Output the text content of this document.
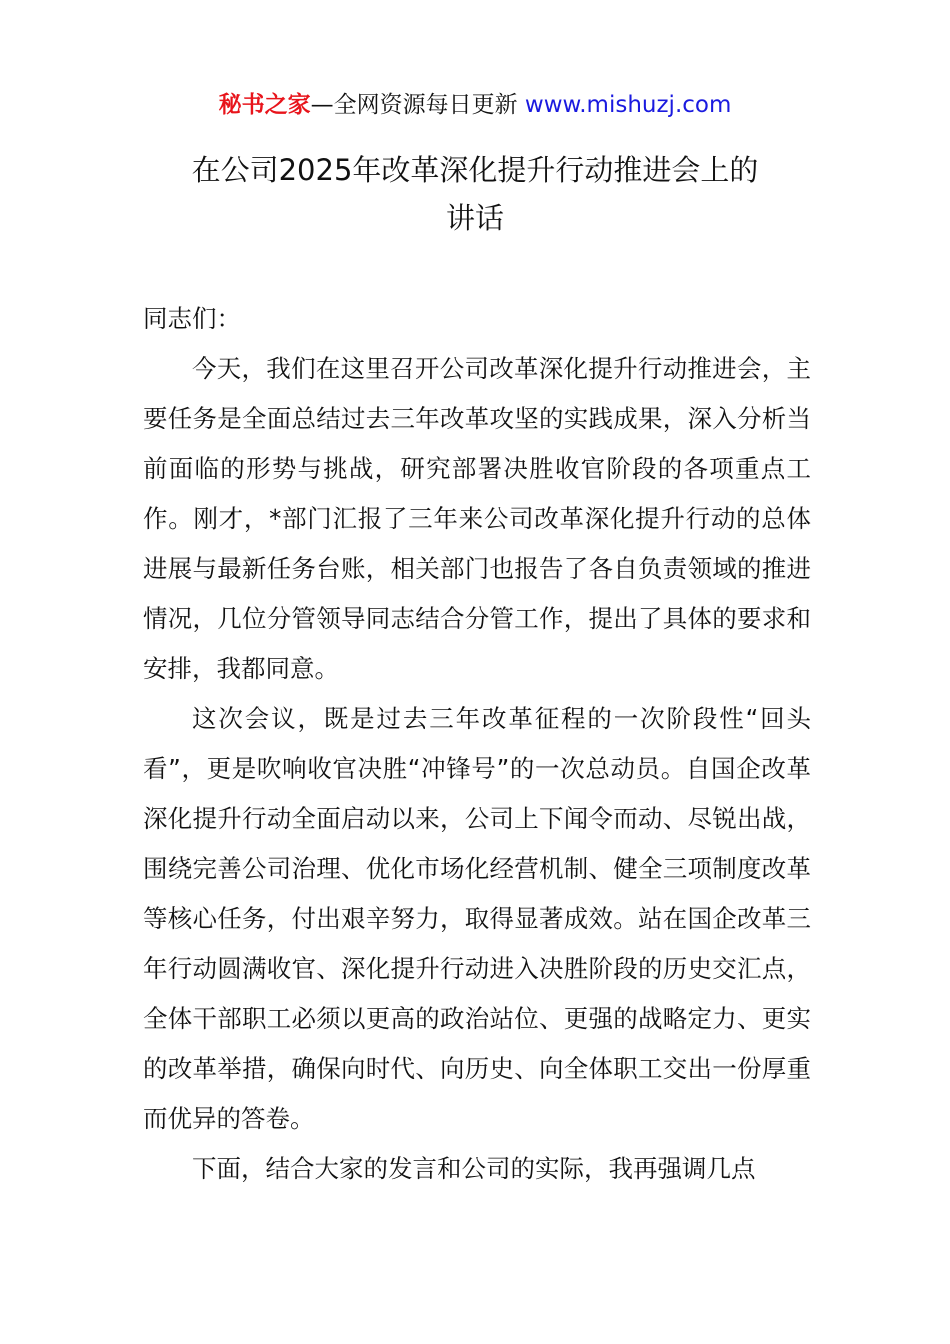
秘书之家—全网资源每日更新 www.mishuzj.com
在公司2025年改革深化提升行动推进会上的
讲话

同志们：

今天，我们在这里召开公司改革深化提升行动推进会，主要任务是全面总结过去三年改革攻坚的实践成果，深入分析当前面临的形势与挑战，研究部署决胜收官阶段的各项重点工作。刚才，*部门汇报了三年来公司改革深化提升行动的总体进展与最新任务台账，相关部门也报告了各自负责领域的推进情况，几位分管领导同志结合分管工作，提出了具体的要求和安排，我都同意。

这次会议，既是过去三年改革征程的一次阶段性“回头看”，更是吹响收官决胜“冲锋号”的一次总动员。自国企改革深化提升行动全面启动以来，公司上下闻令而动、尽锐出战，围绕完善公司治理、优化市场化经营机制、健全三项制度改革等核心任务，付出艰辛努力，取得显著成效。站在国企改革三年行动圆满收官、深化提升行动进入决胜阶段的历史交汇点，全体干部职工必须以更高的政治站位、更强的战略定力、更实的改革举措，确保向时代、向历史、向全体职工交出一份厚重而优异的答卷。

下面，结合大家的发言和公司的实际，我再强调几点
